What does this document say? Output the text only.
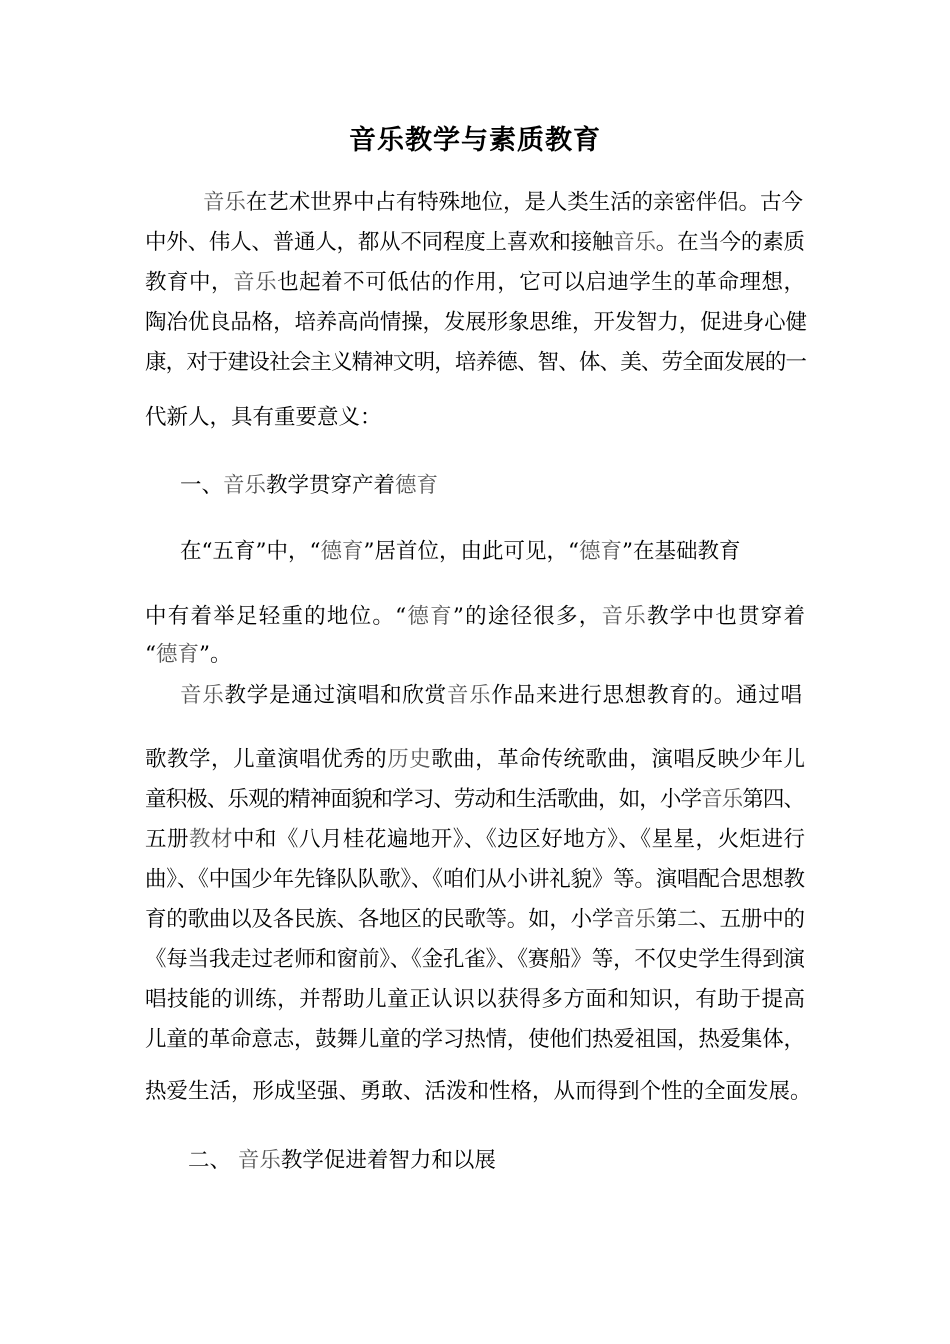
音乐教学与素质教育
音乐在艺术世界中占有特殊地位，是人类生活的亲密伴侣。古今
中外、伟人、普通人，都从不同程度上喜欢和接触音乐。在当今的素质
教育中，音乐也起着不可低估的作用，它可以启迪学生的革命理想，
陶冶优良品格，培养高尚情操，发展形象思维，开发智力，促进身心健
康，对于建设社会主义精神文明，培养德、智、体、美、劳全面发展的一
代新人，具有重要意义：
一、音乐教学贯穿产着德育
在“五育”中，“德育”居首位，由此可见，“德育”在基础教育
中有着举足轻重的地位。“德育”的途径很多，音乐教学中也贯穿着
“德育”。
音乐教学是通过演唱和欣赏音乐作品来进行思想教育的。通过唱
歌教学，儿童演唱优秀的历史歌曲，革命传统歌曲，演唱反映少年儿
童积极、乐观的精神面貌和学习、劳动和生活歌曲，如，小学音乐第四、
五册教材中和《八月桂花遍地开》、《边区好地方》、《星星，火炬进行
曲》、《中国少年先锋队队歌》、《咱们从小讲礼貌》等。演唱配合思想教
育的歌曲以及各民族、各地区的民歌等。如，小学音乐第二、五册中的
《每当我走过老师和窗前》、《金孔雀》、《赛船》等，不仅史学生得到演
唱技能的训练，并帮助儿童正认识以获得多方面和知识，有助于提高
儿童的革命意志，鼓舞儿童的学习热情，使他们热爱祖国，热爱集体，
热爱生活，形成坚强、勇敢、活泼和性格，从而得到个性的全面发展。
二、 音乐教学促进着智力和以展
